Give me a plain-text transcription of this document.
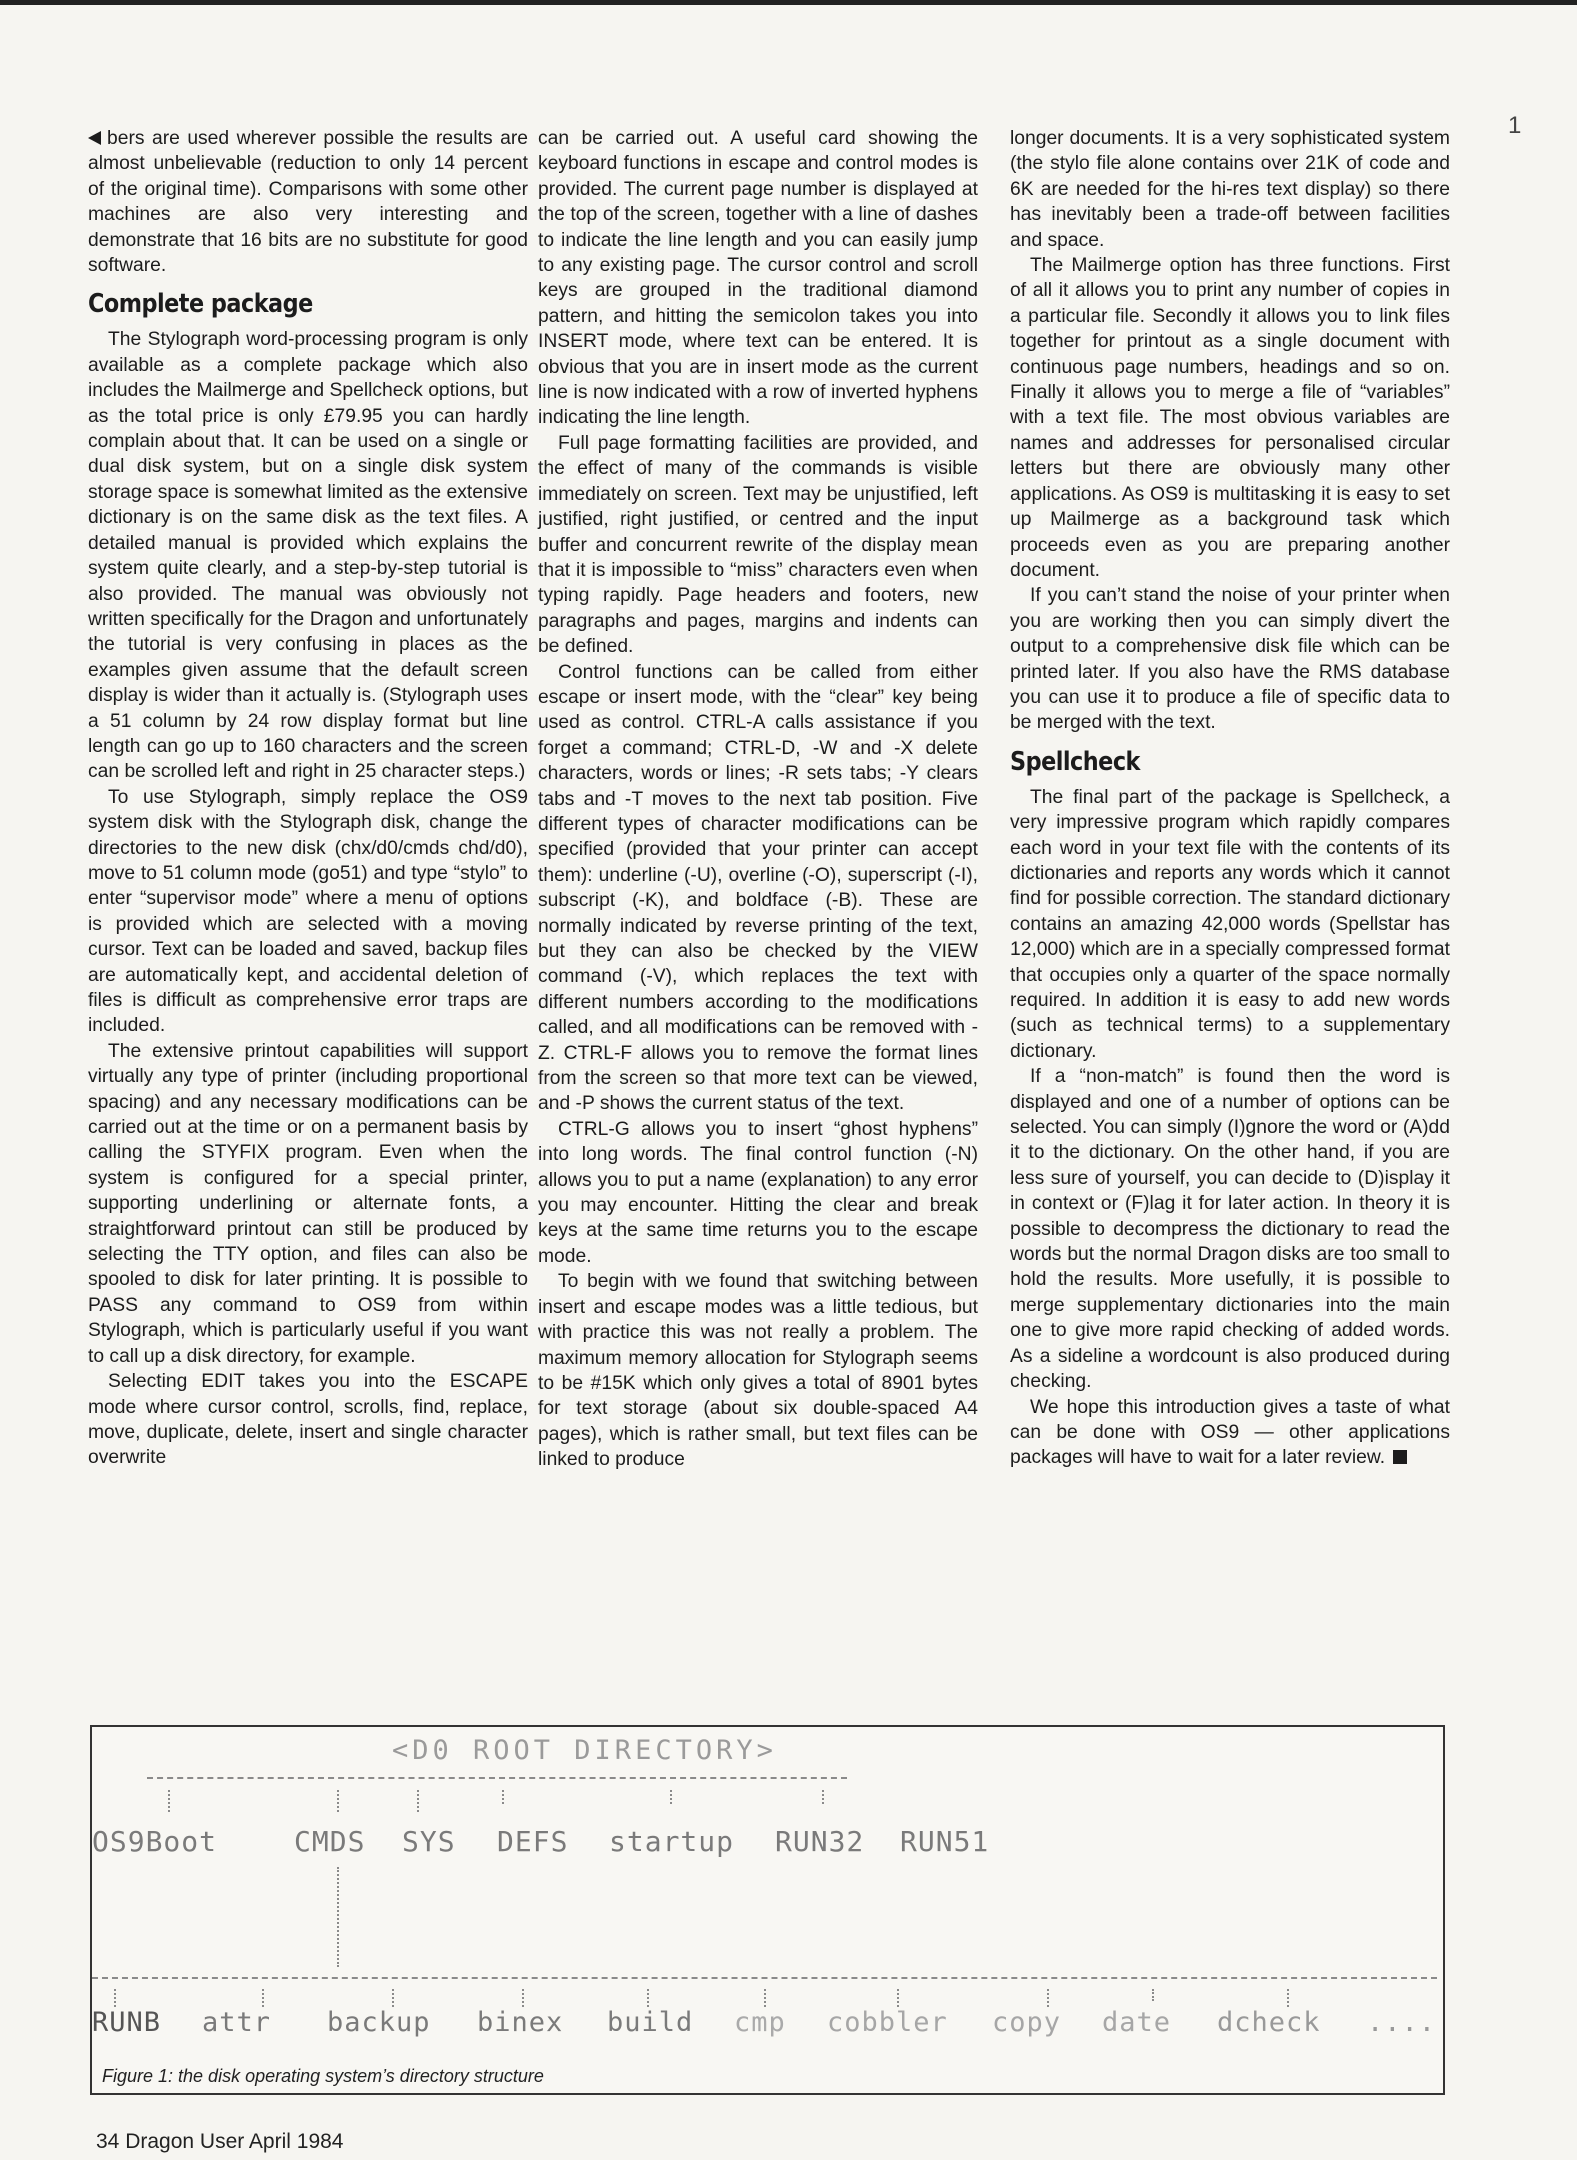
1

bers are used wherever possible the results are almost unbelievable (reduction to only 14 percent of the original time). Comparisons with some other machines are also very interesting and demonstrate that 16 bits are no substitute for good software.

Complete package

The Stylograph word-processing program is only available as a complete package which also includes the Mailmerge and Spellcheck options, but as the total price is only £79.95 you can hardly complain about that. It can be used on a single or dual disk system, but on a single disk system storage space is somewhat limited as the extensive dictionary is on the same disk as the text files. A detailed manual is provided which explains the system quite clearly, and a step-by-step tutorial is also provided. The manual was obviously not written specifically for the Dragon and unfortunately the tutorial is very confusing in places as the examples given assume that the default screen display is wider than it actually is. (Stylograph uses a 51 column by 24 row display format but line length can go up to 160 characters and the screen can be scrolled left and right in 25 character steps.)

To use Stylograph, simply replace the OS9 system disk with the Stylograph disk, change the directories to the new disk (chx/d0/cmds chd/d0), move to 51 column mode (go51) and type “stylo” to enter “supervisor mode” where a menu of options is provided which are selected with a moving cursor. Text can be loaded and saved, backup files are automatically kept, and accidental deletion of files is difficult as comprehensive error traps are included.

The extensive printout capabilities will support virtually any type of printer (including proportional spacing) and any necessary modifications can be carried out at the time or on a permanent basis by calling the STYFIX program. Even when the system is configured for a special printer, supporting underlining or alternate fonts, a straightforward printout can still be produced by selecting the TTY option, and files can also be spooled to disk for later printing. It is possible to PASS any command to OS9 from within Stylograph, which is particularly useful if you want to call up a disk directory, for example.

Selecting EDIT takes you into the ESCAPE mode where cursor control, scrolls, find, replace, move, duplicate, delete, insert and single character overwrite

can be carried out. A useful card showing the keyboard functions in escape and control modes is provided. The current page number is displayed at the top of the screen, together with a line of dashes to indicate the line length and you can easily jump to any existing page. The cursor control and scroll keys are grouped in the traditional diamond pattern, and hitting the semicolon takes you into INSERT mode, where text can be entered. It is obvious that you are in insert mode as the current line is now indicated with a row of inverted hyphens indicating the line length.

Full page formatting facilities are provided, and the effect of many of the commands is visible immediately on screen. Text may be unjustified, left justified, right justified, or centred and the input buffer and concurrent rewrite of the display mean that it is impossible to “miss” characters even when typing rapidly. Page headers and footers, new paragraphs and pages, margins and indents can be defined.

Control functions can be called from either escape or insert mode, with the “clear” key being used as control. CTRL-A calls assistance if you forget a command; CTRL-D, -W and -X delete characters, words or lines; -R sets tabs; -Y clears tabs and -T moves to the next tab position. Five different types of character modifications can be specified (provided that your printer can accept them): underline (-U), overline (-O), superscript (-I), subscript (-K), and boldface (-B). These are normally indicated by reverse printing of the text, but they can also be checked by the VIEW command (-V), which replaces the text with different numbers according to the modifications called, and all modifications can be removed with -Z. CTRL-F allows you to remove the format lines from the screen so that more text can be viewed, and -P shows the current status of the text.

CTRL-G allows you to insert “ghost hyphens” into long words. The final control function (-N) allows you to put a name (explanation) to any error you may encounter. Hitting the clear and break keys at the same time returns you to the escape mode.

To begin with we found that switching between insert and escape modes was a little tedious, but with practice this was not really a problem. The maximum memory allocation for Stylograph seems to be #15K which only gives a total of 8901 bytes for text storage (about six double-spaced A4 pages), which is rather small, but text files can be linked to produce

longer documents. It is a very sophisticated system (the stylo file alone contains over 21K of code and 6K are needed for the hi-res text display) so there has inevitably been a trade-off between facilities and space.

The Mailmerge option has three functions. First of all it allows you to print any number of copies in a particular file. Secondly it allows you to link files together for printout as a single document with continuous page numbers, headings and so on. Finally it allows you to merge a file of “variables” with a text file. The most obvious variables are names and addresses for personalised circular letters but there are obviously many other applications. As OS9 is multitasking it is easy to set up Mailmerge as a background task which proceeds even as you are preparing another document.

If you can’t stand the noise of your printer when you are working then you can simply divert the output to a comprehensive disk file which can be printed later. If you also have the RMS database you can use it to produce a file of specific data to be merged with the text.

Spellcheck

The final part of the package is Spellcheck, a very impressive program which rapidly compares each word in your text file with the contents of its dictionaries and reports any words which it cannot find for possible correction. The standard dictionary contains an amazing 42,000 words (Spellstar has 12,000) which are in a specially compressed format that occupies only a quarter of the space normally required. In addition it is easy to add new words (such as technical terms) to a supplementary dictionary.

If a “non-match” is found then the word is displayed and one of a number of options can be selected. You can simply (I)gnore the word or (A)dd it to the dictionary. On the other hand, if you are less sure of yourself, you can decide to (D)isplay it in context or (F)lag it for later action. In theory it is possible to decompress the dictionary to read the words but the normal Dragon disks are too small to hold the results. More usefully, it is possible to merge supplementary dictionaries into the main one to give more rapid checking of added words. As a sideline a wordcount is also produced during checking.

We hope this introduction gives a taste of what can be done with OS9 — other applications packages will have to wait for a later review.

<D0 ROOT DIRECTORY>
OS9Boot	CMDS SYS DEFS startup RUN32 RUN51
RUNB attr backup binex build cmp cobbler copy date dcheck ....
Figure 1: the disk operating system’s directory structure
34 Dragon User April 1984
